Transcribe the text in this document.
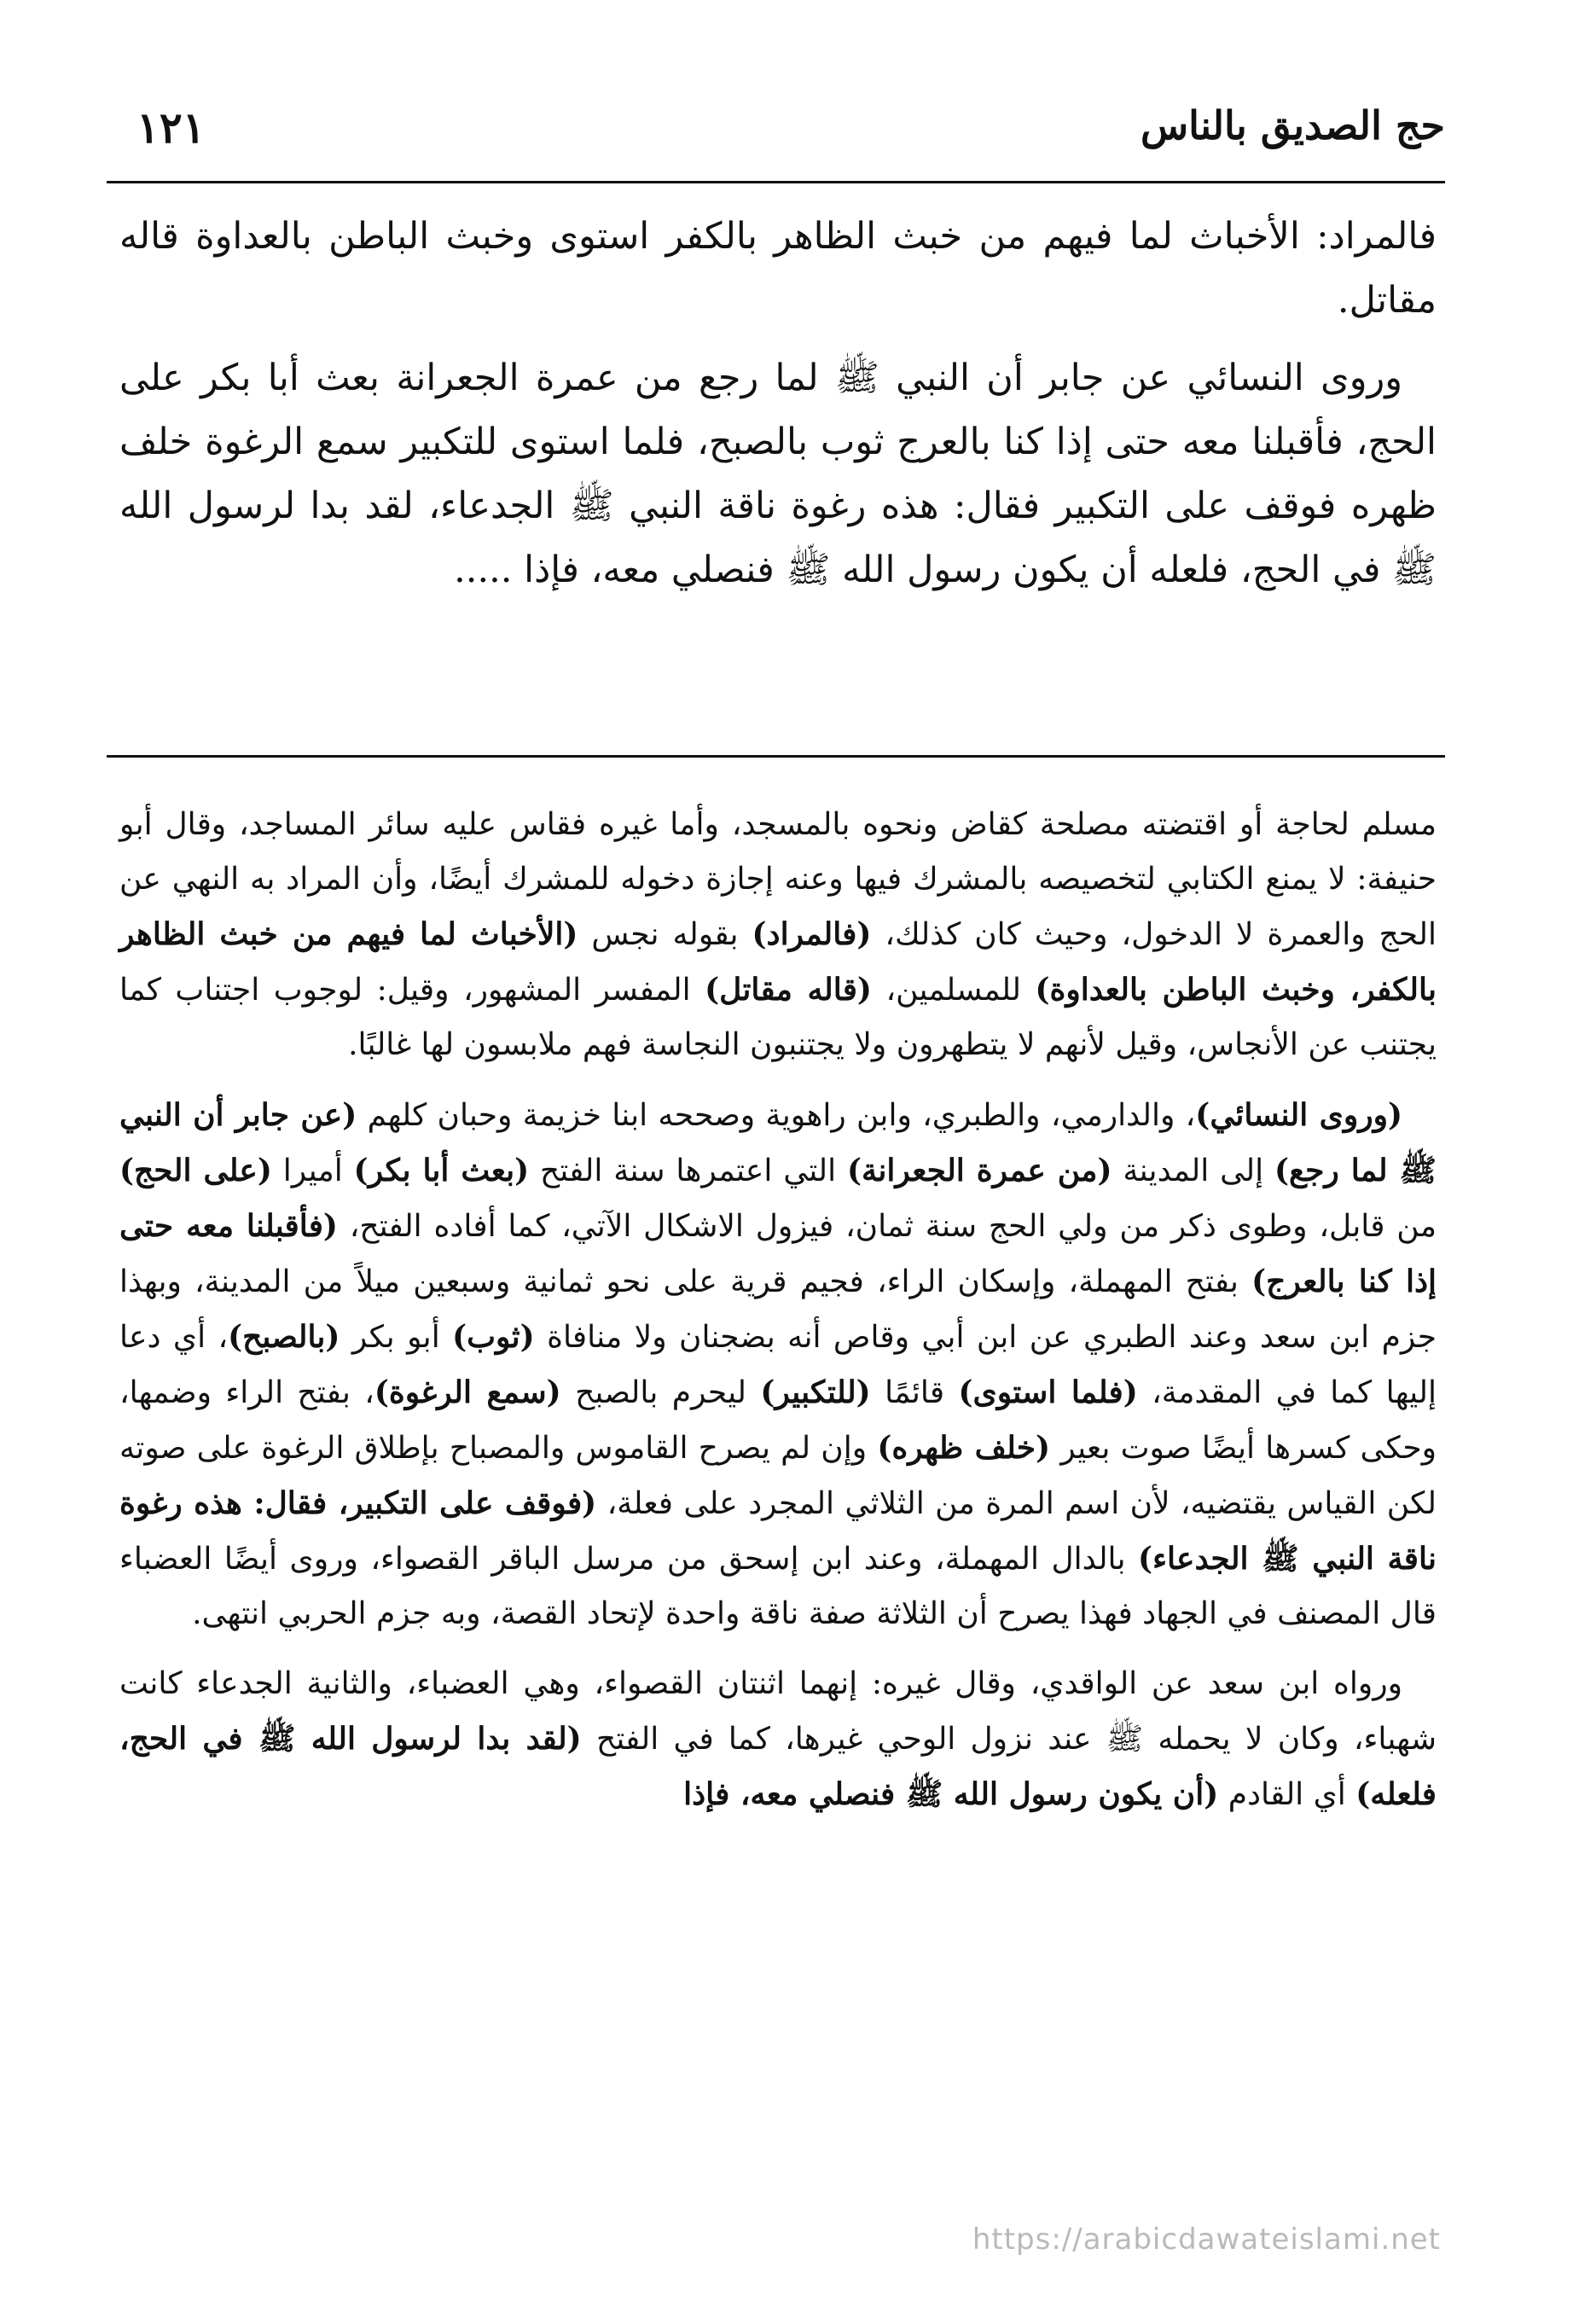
حج الصديق بالناس
١٢١

فالمراد: الأخباث لما فيهم من خبث الظاهر بالكفر استوى وخبث الباطن بالعداوة قاله مقاتل.

وروى النسائي عن جابر أن النبي ﷺ لما رجع من عمرة الجعرانة بعث أبا بكر على الحج، فأقبلنا معه حتى إذا كنا بالعرج ثوب بالصبح، فلما استوى للتكبير سمع الرغوة خلف ظهره فوقف على التكبير فقال: هذه رغوة ناقة النبي ﷺ الجدعاء، لقد بدا لرسول الله ﷺ في الحج، فلعله أن يكون رسول الله ﷺ فنصلي معه، فإذا .....

مسلم لحاجة أو اقتضته مصلحة كقاض ونحوه بالمسجد، وأما غيره فقاس عليه سائر المساجد، وقال أبو حنيفة: لا يمنع الكتابي لتخصيصه بالمشرك فيها وعنه إجازة دخوله للمشرك أيضًا، وأن المراد به النهي عن الحج والعمرة لا الدخول، وحيث كان كذلك، (فالمراد) بقوله نجس (الأخباث لما فيهم من خبث الظاهر بالكفر، وخبث الباطن بالعداوة) للمسلمين، (قاله مقاتل) المفسر المشهور، وقيل: لوجوب اجتناب كما يجتنب عن الأنجاس، وقيل لأنهم لا يتطهرون ولا يجتنبون النجاسة فهم ملابسون لها غالبًا.

(وروى النسائي)، والدارمي، والطبري، وابن راهوية وصححه ابنا خزيمة وحبان كلهم (عن جابر أن النبي ﷺ لما رجع) إلى المدينة (من عمرة الجعرانة) التي اعتمرها سنة الفتح (بعث أبا بكر) أميرا (على الحج) من قابل، وطوى ذكر من ولي الحج سنة ثمان، فيزول الاشكال الآتي، كما أفاده الفتح، (فأقبلنا معه حتى إذا كنا بالعرج) بفتح المهملة، وإسكان الراء، فجيم قرية على نحو ثمانية وسبعين ميلاً من المدينة، وبهذا جزم ابن سعد وعند الطبري عن ابن أبي وقاص أنه بضجنان ولا منافاة (ثوب) أبو بكر (بالصبح)، أي دعا إليها كما في المقدمة، (فلما استوى) قائمًا (للتكبير) ليحرم بالصبح (سمع الرغوة)، بفتح الراء وضمها، وحكى كسرها أيضًا صوت بعير (خلف ظهره) وإن لم يصرح القاموس والمصباح بإطلاق الرغوة على صوته لكن القياس يقتضيه، لأن اسم المرة من الثلاثي المجرد على فعلة، (فوقف على التكبير، فقال: هذه رغوة ناقة النبي ﷺ الجدعاء) بالدال المهملة، وعند ابن إسحق من مرسل الباقر القصواء، وروى أيضًا العضباء قال المصنف في الجهاد فهذا يصرح أن الثلاثة صفة ناقة واحدة لإتحاد القصة، وبه جزم الحربي انتهى.

ورواه ابن سعد عن الواقدي، وقال غيره: إنهما اثنتان القصواء، وهي العضباء، والثانية الجدعاء كانت شهباء، وكان لا يحمله ﷺ عند نزول الوحي غيرها، كما في الفتح (لقد بدا لرسول الله ﷺ في الحج، فلعله) أي القادم (أن يكون رسول الله ﷺ فنصلي معه، فإذا

https://arabicdawateislami.net
